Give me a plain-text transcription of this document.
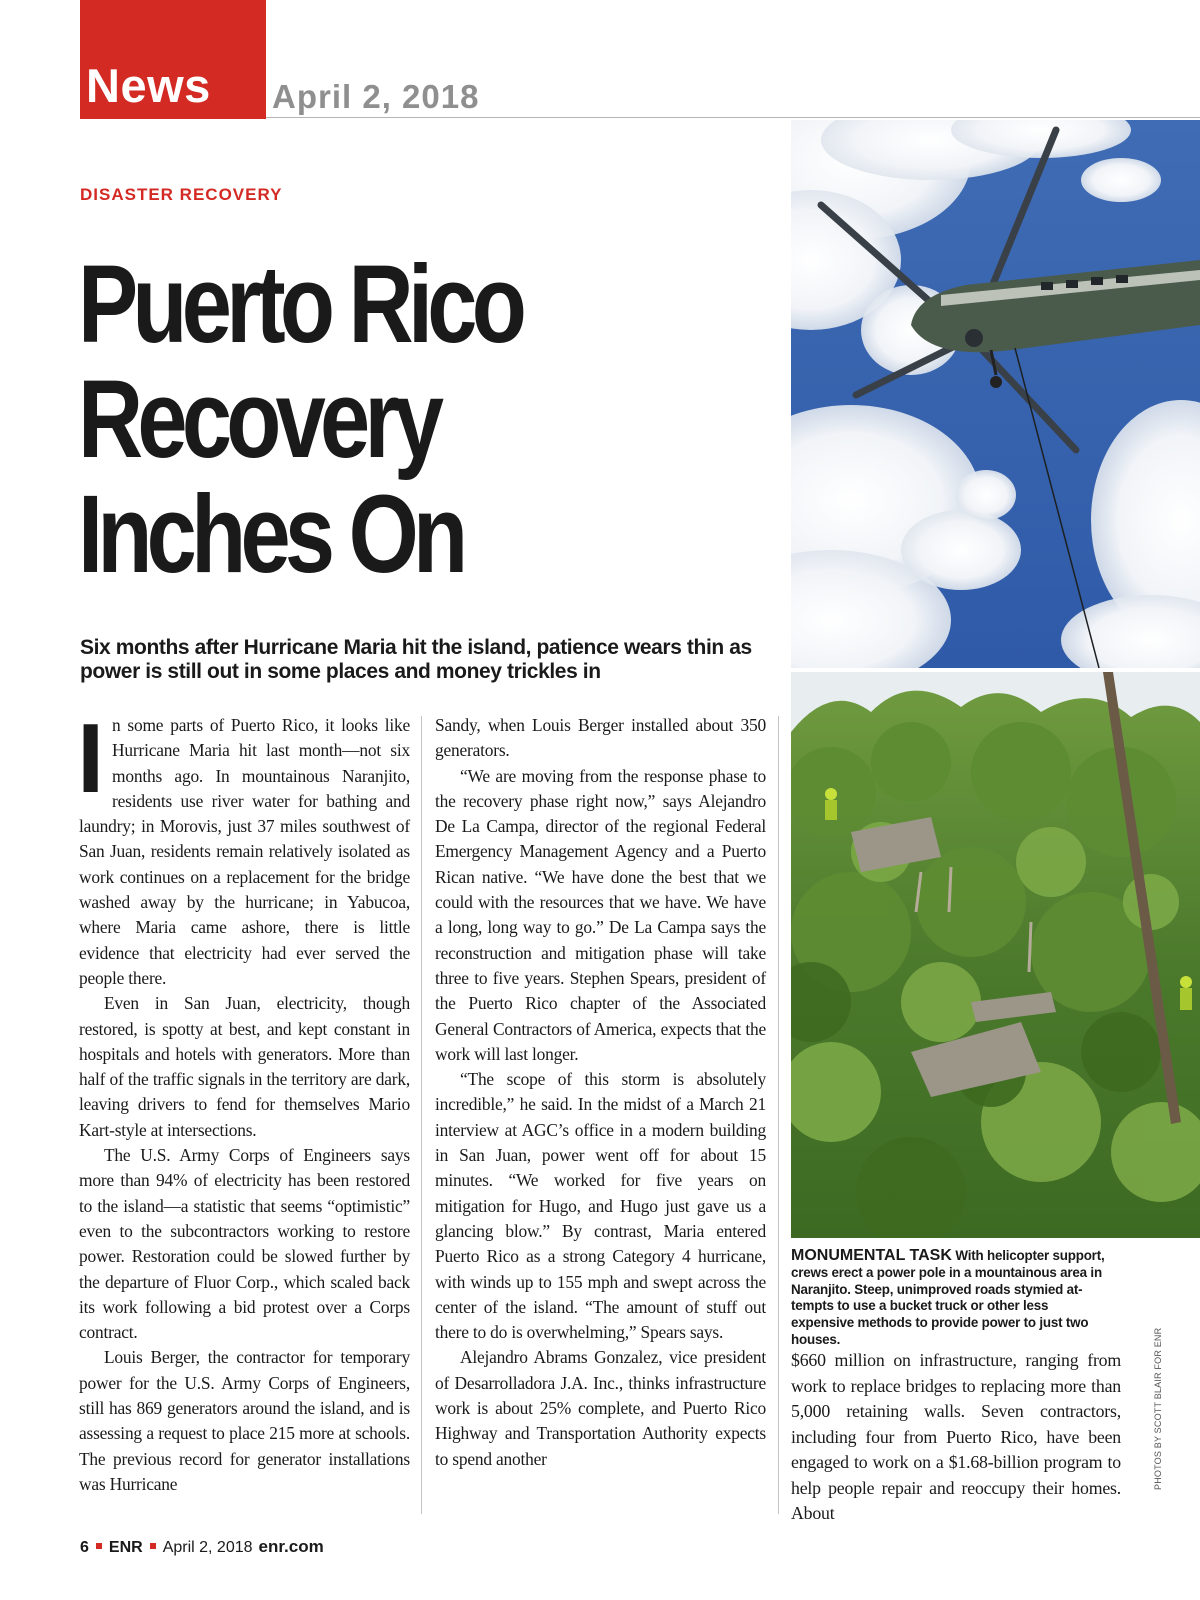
News April 2, 2018
DISASTER RECOVERY
Puerto Rico Recovery Inches On

Six months after Hurricane Maria hit the island, patience wears thin as power is still out in some places and money trickles in

In some parts of Puerto Rico, it looks like Hurricane Maria hit last month—not six months ago. In mountainous Naranjito, residents use river water for bathing and laundry; in Morovis, just 37 miles southwest of San Juan, residents remain relatively isolated as work continues on a replacement for the bridge washed away by the hurricane; in Yabucoa, where Maria came ashore, there is little evidence that electricity had ever served the people there.

Even in San Juan, electricity, though restored, is spotty at best, and kept constant in hospitals and hotels with generators. More than half of the traffic signals in the territory are dark, leaving drivers to fend for themselves Mario Kart-style at intersections.

The U.S. Army Corps of Engineers says more than 94% of electricity has been restored to the island—a statistic that seems “optimistic” even to the subcontractors working to restore power. Restoration could be slowed further by the departure of Fluor Corp., which scaled back its work following a bid protest over a Corps contract.

Louis Berger, the contractor for temporary power for the U.S. Army Corps of Engineers, still has 869 generators around the island, and is assessing a request to place 215 more at schools. The previous record for generator installations was Hurricane

Sandy, when Louis Berger installed about 350 generators.

“We are moving from the response phase to the recovery phase right now,” says Alejandro De La Campa, director of the regional Federal Emergency Management Agency and a Puerto Rican native. “We have done the best that we could with the resources that we have. We have a long, long way to go.” De La Campa says the reconstruction and mitigation phase will take three to five years. Stephen Spears, president of the Puerto Rico chapter of the Associated General Contractors of America, expects that the work will last longer.

“The scope of this storm is absolutely incredible,” he said. In the midst of a March 21 interview at AGC’s office in a modern building in San Juan, power went off for about 15 minutes. “We worked for five years on mitigation for Hugo, and Hugo just gave us a glancing blow.” By contrast, Maria entered Puerto Rico as a strong Category 4 hurricane, with winds up to 155 mph and swept across the center of the island. “The amount of stuff out there to do is overwhelming,” Spears says.

Alejandro Abrams Gonzalez, vice president of Desarrolladora J.A. Inc., thinks infrastructure work is about 25% complete, and Puerto Rico Highway and Transportation Authority expects to spend another

MONUMENTAL TASK With helicopter support, crews erect a power pole in a mountainous area in Naranjito. Steep, unimproved roads stymied attempts to use a bucket truck or other less expensive methods to provide power to just two houses.

$660 million on infrastructure, ranging from work to replace bridges to replacing more than 5,000 retaining walls. Seven contractors, including four from Puerto Rico, have been engaged to work on a $1.68-billion program to help people repair and reoccupy their homes. About

PHOTOS BY SCOTT BLAIR FOR ENR
6 ENR April 2, 2018 enr.com
